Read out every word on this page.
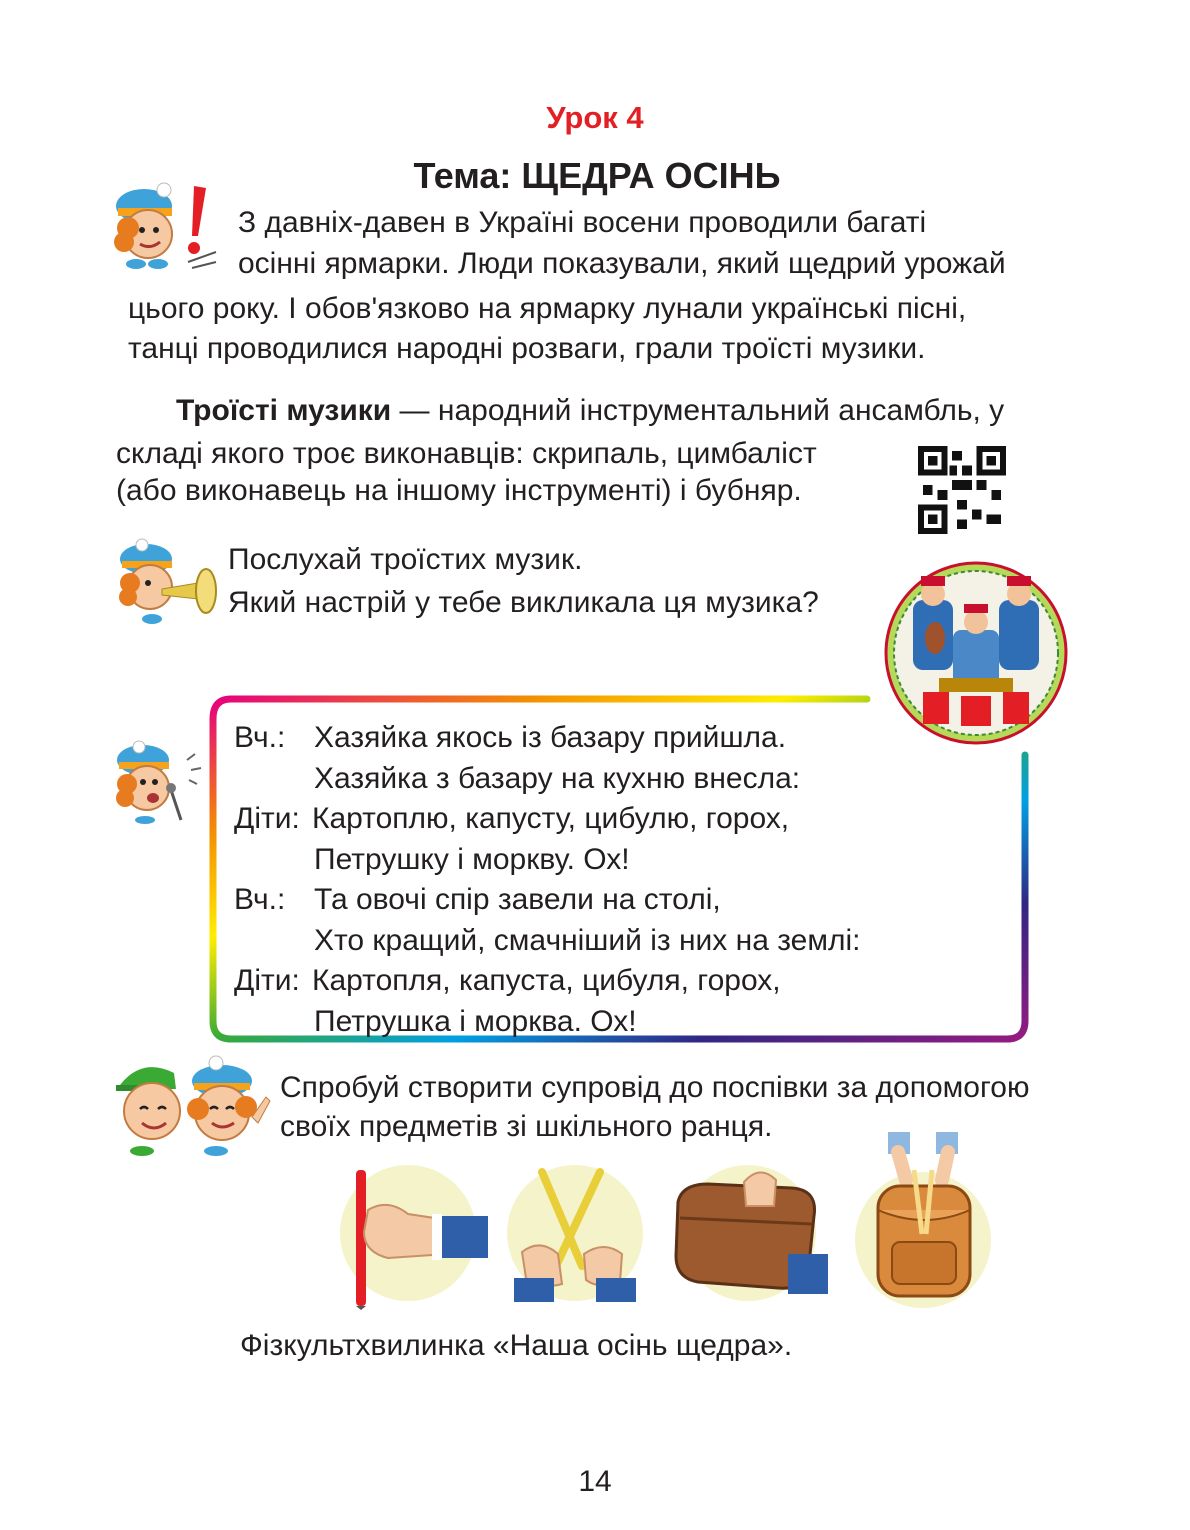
Урок 4
Тема: ЩЕДРА ОСІНЬ
З давніх-давен в Україні восени проводили багаті
осінні ярмарки. Люди показували, який щедрий урожай
цього року. І обов'язково на ярмарку лунали українські пісні,
танці проводилися народні розваги, грали троїсті музики.
Троїсті музики — народний інструментальний ансамбль, у
складі якого троє виконавців: скрипаль, цимбаліст
(або виконавець на іншому інструменті) і бубняр.
Послухай троїстих музик.
Який настрій у тебе викликала ця музика?
Вч.: Хазяйка якось із базару прийшла.
Хазяйка з базару на кухню внесла:
Діти: Картоплю, капусту, цибулю, горох,
Петрушку і моркву. Ох!
Вч.: Та овочі спір завели на столі,
Хто кращий, смачніший із них на землі:
Діти: Картопля, капуста, цибуля, горох,
Петрушка і морква. Ох!
Спробуй створити супровід до поспівки за допомогою
своїх предметів зі шкільного ранця.
Фізкультхвилинка «Наша осінь щедра».
14
